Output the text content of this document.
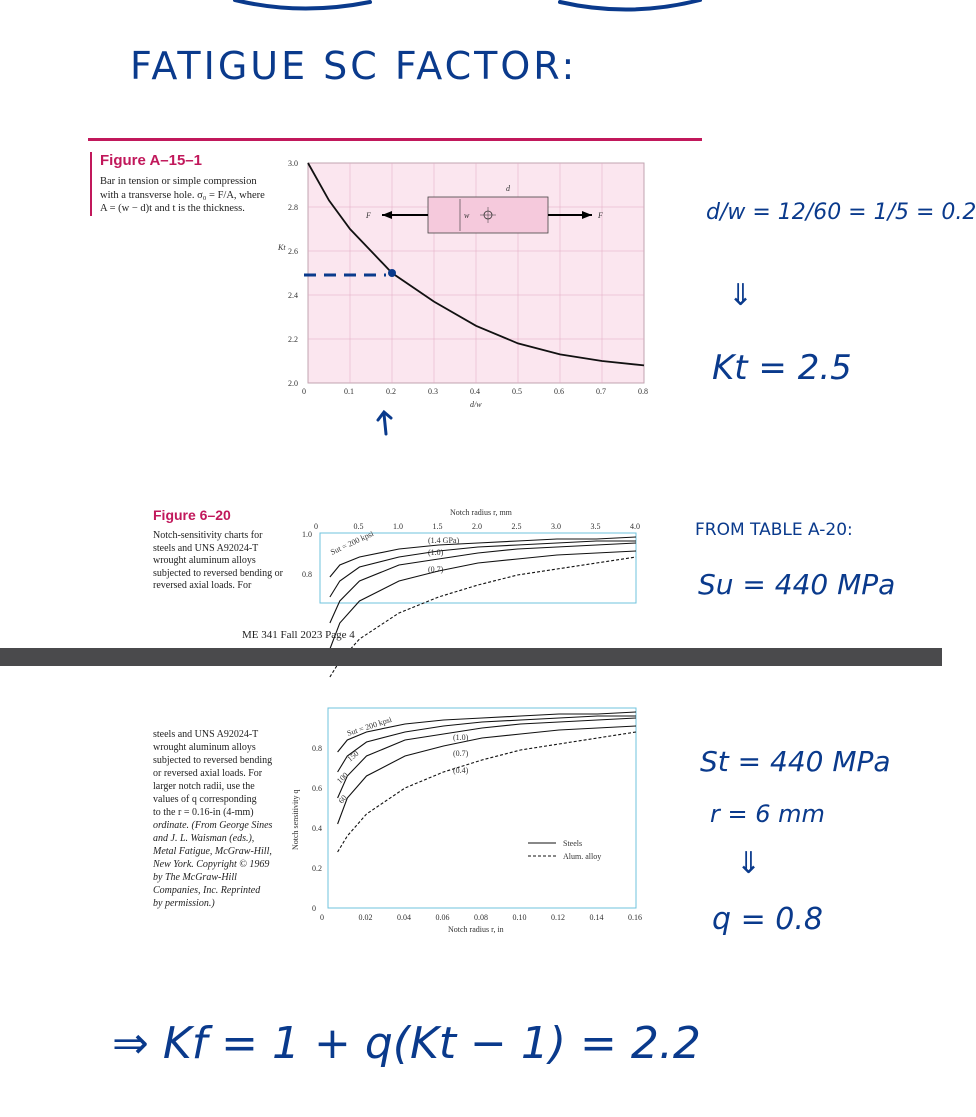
FATIGUE SC FACTOR:
Figure A–15–1
Bar in tension or simple compression with a transverse hole. σ₀ = F/A, where A = (w − d)t and t is the thickness.
0	0.1	0.2	0.3	0.4	0.5	0.6	0.7	0.8
2.0
2.2
2.4
2.6
2.8
3.0
Kt
d/w
F	F
d
w	d/w = 12/60 = 1/5 = 0.2
⇓
Kt = 2.5
Figure 6–20
Notch-sensitivity charts for steels and UNS A92024-T wrought aluminum alloys subjected to reversed bending or reversed axial loads. For
Notch radius r, mm
0	0.5	1.0	1.5	2.0	2.5	3.0	3.5	4.0
1.0
0.8
Sut = 200 kpsi	(1.4 GPa)
(1.0)
(0.7)
FROM TABLE A-20:
Su = 440 MPa
ME 341 Fall 2023 Page 4
steels and UNS A92024-T
wrought aluminum alloys
subjected to reversed bending
or reversed axial loads. For
larger notch radii, use the
values of q corresponding
to the r = 0.16-in (4-mm)
ordinate. (From George Sines
and J. L. Waisman (eds.),
Metal Fatigue, McGraw-Hill,
New York. Copyright © 1969
by The McGraw-Hill
Companies, Inc. Reprinted
by permission.)
0	0.02	0.04	0.06	0.08	0.10	0.12	0.14	0.16
0
0.2
0.4
0.6
0.8
Notch sensitivity q
Notch radius r, in
Sut = 200 kpsi
150
100
60
(1.0)
(0.7)
(0.4)
Steels
Alum. alloy
St = 440 MPa
r = 6 mm
⇓
q = 0.8
⇒ Kf = 1 + q(Kt − 1) = 2.2
